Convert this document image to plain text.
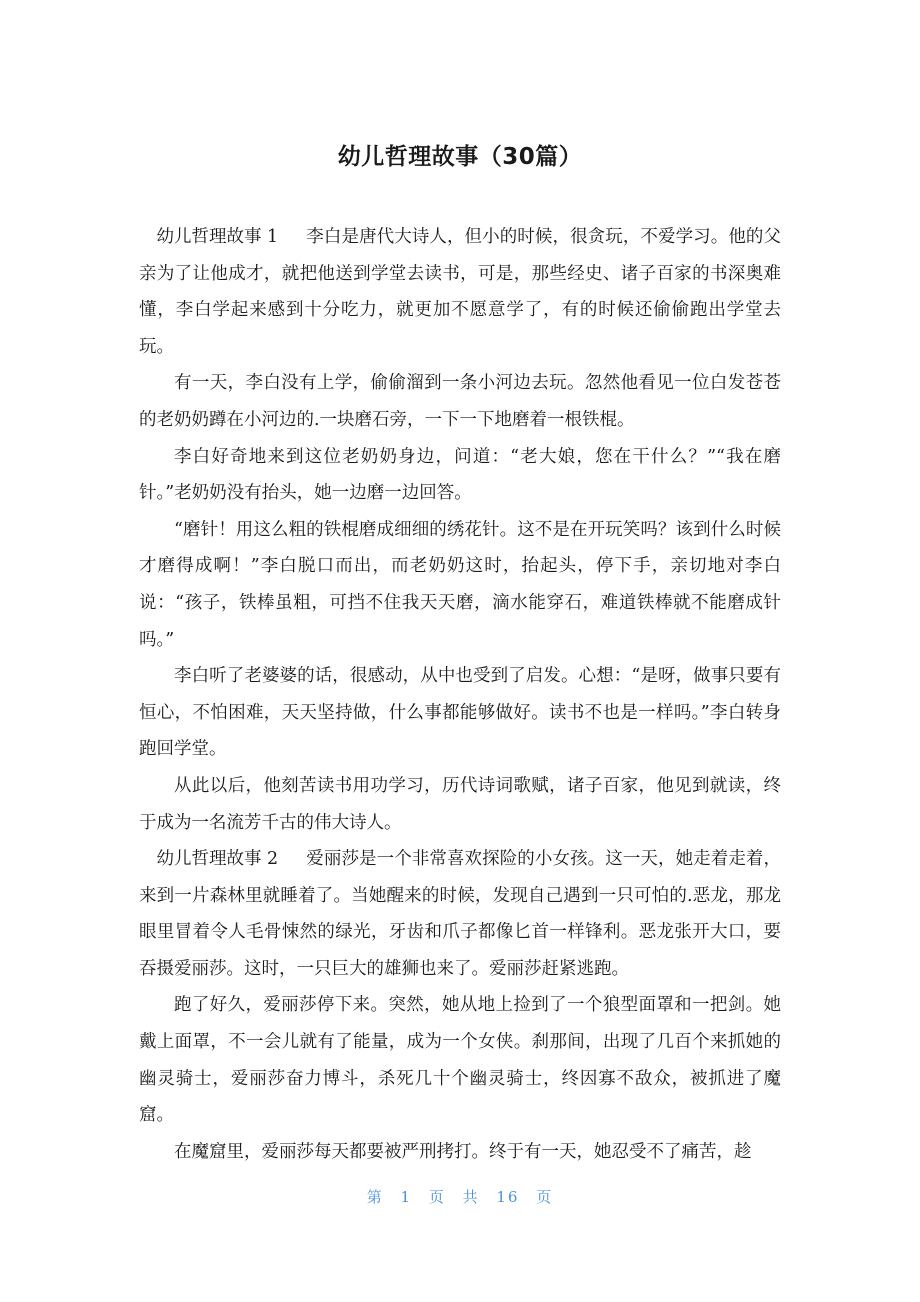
幼儿哲理故事（30篇）

幼儿哲理故事 1 李白是唐代大诗人，但小的时候，很贪玩，不爱学习。他的父亲为了让他成才，就把他送到学堂去读书，可是，那些经史、诸子百家的书深奥难懂，李白学起来感到十分吃力，就更加不愿意学了，有的时候还偷偷跑出学堂去玩。

有一天，李白没有上学，偷偷溜到一条小河边去玩。忽然他看见一位白发苍苍的老奶奶蹲在小河边的.一块磨石旁，一下一下地磨着一根铁棍。

李白好奇地来到这位老奶奶身边，问道：“老大娘，您在干什么？”“我在磨针。”老奶奶没有抬头，她一边磨一边回答。

“磨针！用这么粗的铁棍磨成细细的绣花针。这不是在开玩笑吗？该到什么时候才磨得成啊！”李白脱口而出，而老奶奶这时，抬起头，停下手，亲切地对李白说：“孩子，铁棒虽粗，可挡不住我天天磨，滴水能穿石，难道铁棒就不能磨成针吗。”

李白听了老婆婆的话，很感动，从中也受到了启发。心想：“是呀，做事只要有恒心，不怕困难，天天坚持做，什么事都能够做好。读书不也是一样吗。”李白转身跑回学堂。

从此以后，他刻苦读书用功学习，历代诗词歌赋，诸子百家，他见到就读，终于成为一名流芳千古的伟大诗人。

幼儿哲理故事 2 爱丽莎是一个非常喜欢探险的小女孩。这一天，她走着走着，来到一片森林里就睡着了。当她醒来的时候，发现自己遇到一只可怕的.恶龙，那龙眼里冒着令人毛骨悚然的绿光，牙齿和爪子都像匕首一样锋利。恶龙张开大口，要吞摄爱丽莎。这时，一只巨大的雄狮也来了。爱丽莎赶紧逃跑。

跑了好久，爱丽莎停下来。突然，她从地上捡到了一个狼型面罩和一把剑。她戴上面罩，不一会儿就有了能量，成为一个女侠。刹那间，出现了几百个来抓她的幽灵骑士，爱丽莎奋力博斗，杀死几十个幽灵骑士，终因寡不敌众，被抓进了魔窟。

在魔窟里，爱丽莎每天都要被严刑拷打。终于有一天，她忍受不了痛苦，趁

第 1 页 共 16 页
